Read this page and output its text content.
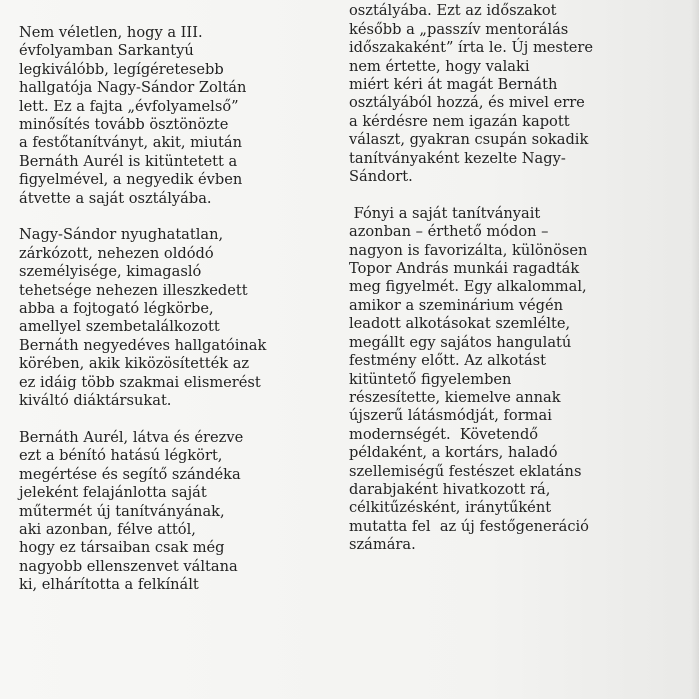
Nem véletlen, hogy a III.
évfolyamban Sarkantyú
legkiválóbb, legígéretesebb
hallgatója Nagy-Sándor Zoltán
lett. Ez a fajta „évfolyamelső”
minősítés tovább ösztönözte
a festőtanítványt, akit, miután
Bernáth Aurél is kitüntetett a
figyelmével, a negyedik évben
átvette a saját osztályába.

Nagy-Sándor nyughatatlan,
zárkózott, nehezen oldódó
személyisége, kimagasló
tehetsége nehezen illeszkedett
abba a fojtogató légkörbe,
amellyel szembetalálkozott
Bernáth negyedéves hallgatóinak
körében, akik kiközösítették az
ez idáig több szakmai elismerést
kiváltó diáktársukat.

Bernáth Aurél, látva és érezve
ezt a bénító hatású légkört,
megértése és segítő szándéka
jeleként felajánlotta saját
műtermét új tanítványának,
aki azonban, félve attól,
hogy ez társaiban csak még
nagyobb ellenszenvet váltana
ki, elhárította a felkínált

osztályába. Ezt az időszakot
később a „passzív mentorálás
időszakaként” írta le. Új mestere
nem értette, hogy valaki
miért kéri át magát Bernáth
osztályából hozzá, és mivel erre
a kérdésre nem igazán kapott
választ, gyakran csupán sokadik
tanítványaként kezelte Nagy-
Sándort.

Fónyi a saját tanítványait
azonban – érthető módon –
nagyon is favorizálta, különösen
Topor András munkái ragadták
meg figyelmét. Egy alkalommal,
amikor a szeminárium végén
leadott alkotásokat szemlélte,
megállt egy sajátos hangulatú
festmény előtt. Az alkotást
kitüntető figyelemben
részesítette, kiemelve annak
újszerű látásmódját, formai
modernségét.  Követendő
példaként, a kortárs, haladó
szellemiségű festészet eklatáns
darabjaként hivatkozott rá,
célkitűzésként, iránytűként
mutatta fel  az új festőgeneráció
számára.
